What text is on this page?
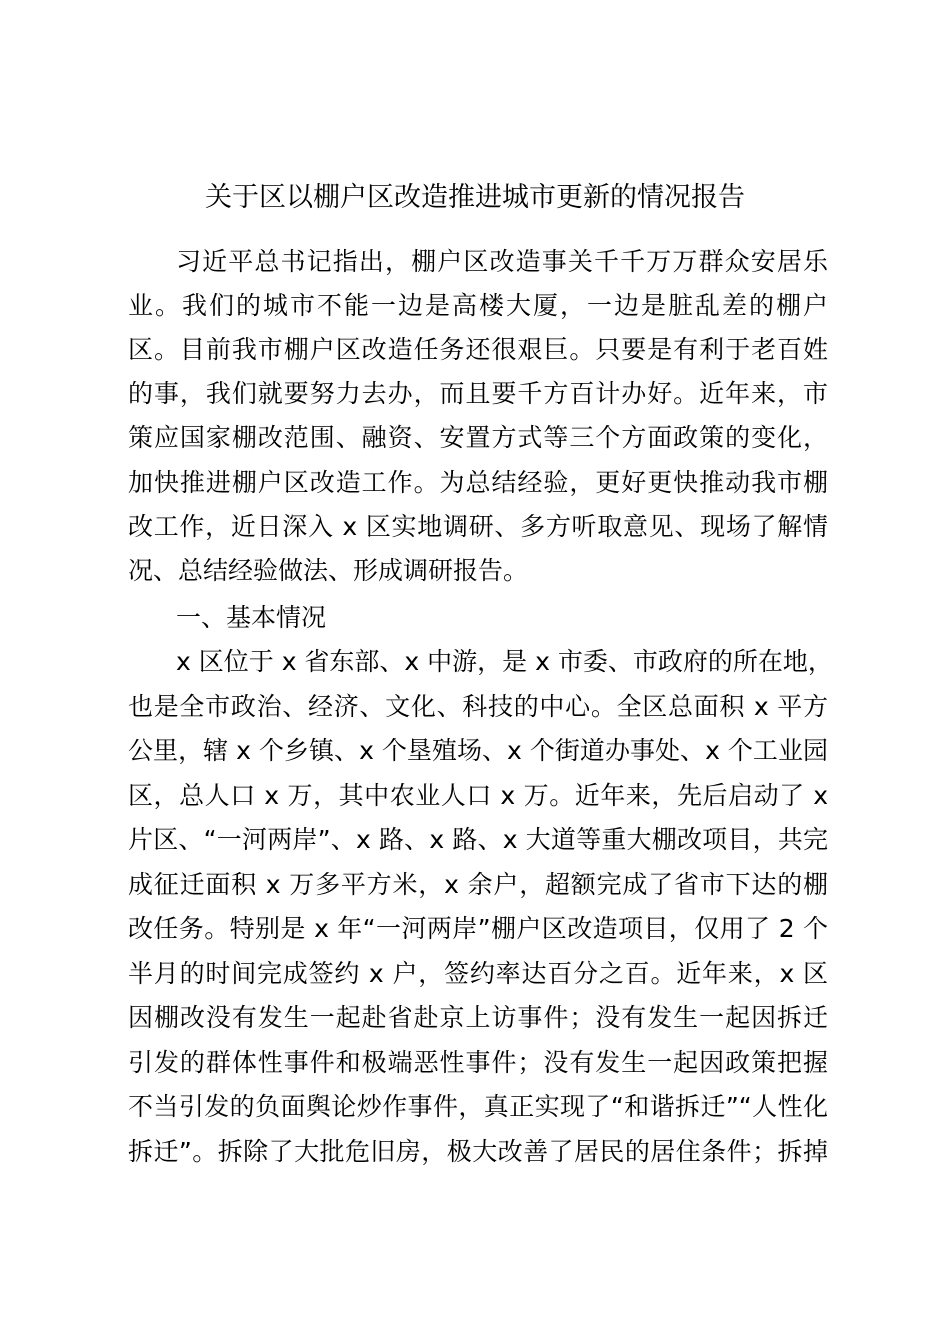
关于区以棚户区改造推进城市更新的情况报告
习近平总书记指出，棚户区改造事关千千万万群众安居乐
业。我们的城市不能一边是高楼大厦，一边是脏乱差的棚户
区。目前我市棚户区改造任务还很艰巨。只要是有利于老百姓
的事，我们就要努力去办，而且要千方百计办好。近年来，市
策应国家棚改范围、融资、安置方式等三个方面政策的变化，
加快推进棚户区改造工作。为总结经验，更好更快推动我市棚
改工作，近日深入 x 区实地调研、多方听取意见、现场了解情
况、总结经验做法、形成调研报告。
一、基本情况
x 区位于 x 省东部、x 中游，是 x 市委、市政府的所在地，
也是全市政治、经济、文化、科技的中心。全区总面积 x 平方
公里，辖 x 个乡镇、x 个垦殖场、x 个街道办事处、x 个工业园
区，总人口 x 万，其中农业人口 x 万。近年来，先后启动了 x
片区、“一河两岸”、x 路、x 路、x 大道等重大棚改项目，共完
成征迁面积 x 万多平方米，x 余户，超额完成了省市下达的棚
改任务。特别是 x 年“一河两岸”棚户区改造项目，仅用了 2 个
半月的时间完成签约 x 户，签约率达百分之百。近年来，x 区
因棚改没有发生一起赴省赴京上访事件；没有发生一起因拆迁
引发的群体性事件和极端恶性事件；没有发生一起因政策把握
不当引发的负面舆论炒作事件，真正实现了“和谐拆迁”“人性化
拆迁”。拆除了大批危旧房，极大改善了居民的居住条件；拆掉
